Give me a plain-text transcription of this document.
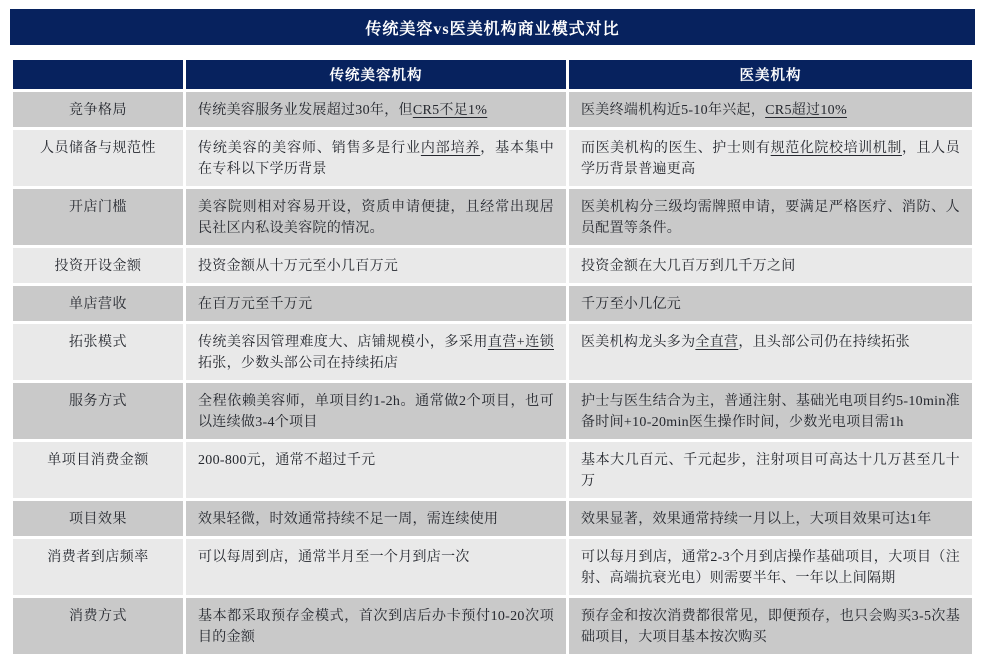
传统美容vs医美机构商业模式对比
	传统美容机构	医美机构
竞争格局	传统美容服务业发展超过30年，但CR5不足1%	医美终端机构近5-10年兴起，CR5超过10%
人员储备与规范性	传统美容的美容师、销售多是行业内部培养，基本集中在专科以下学历背景	而医美机构的医生、护士则有规范化院校培训机制，且人员学历背景普遍更高
开店门槛	美容院则相对容易开设，资质申请便捷，且经常出现居民社区内私设美容院的情况。	医美机构分三级均需牌照申请，要满足严格医疗、消防、人员配置等条件。
投资开设金额	投资金额从十万元至小几百万元	投资金额在大几百万到几千万之间
单店营收	在百万元至千万元	千万至小几亿元
拓张模式	传统美容因管理难度大、店铺规模小，多采用直营+连锁拓张，少数头部公司在持续拓店	医美机构龙头多为全直营，且头部公司仍在持续拓张
服务方式	全程依赖美容师，单项目约1-2h。通常做2个项目，也可以连续做3-4个项目	护士与医生结合为主，普通注射、基础光电项目约5-10min准备时间+10-20min医生操作时间，少数光电项目需1h
单项目消费金额	200-800元，通常不超过千元	基本大几百元、千元起步，注射项目可高达十几万甚至几十万
项目效果	效果轻微，时效通常持续不足一周，需连续使用	效果显著，效果通常持续一月以上，大项目效果可达1年
消费者到店频率	可以每周到店，通常半月至一个月到店一次	可以每月到店，通常2-3个月到店操作基础项目，大项目（注射、高端抗衰光电）则需要半年、一年以上间隔期
消费方式	基本都采取预存金模式，首次到店后办卡预付10-20次项目的金额	预存金和按次消费都很常见，即便预存，也只会购买3-5次基础项目，大项目基本按次购买
